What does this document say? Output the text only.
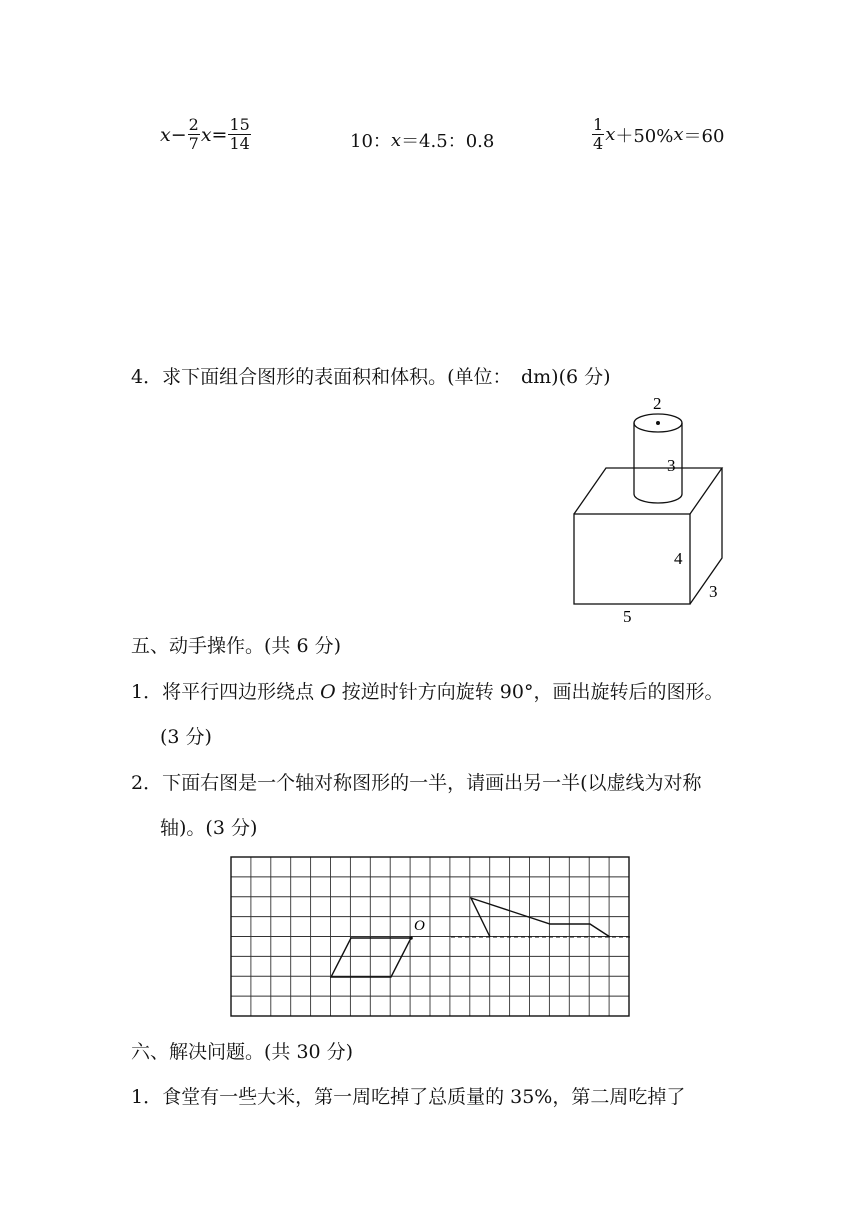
$x - \frac{2}{7}$ $x = \frac{15}{14}$	10： x ＝4.5：0.8	$\frac{1}{4}$ x ＋50% x ＝60
4．求下面组合图形的表面积和体积。(单位：　dm)(6 分)
2
3
4
3
5
五、动手操作。(共 6 分)
1．将平行四边形绕点 O 按逆时针方向旋转 90°，画出旋转后的图形。
(3 分)
2．下面右图是一个轴对称图形的一半，请画出另一半(以虚线为对称
轴)。(3 分)
O
六、解决问题。(共 30 分)
1．食堂有一些大米，第一周吃掉了总质量的 35%，第二周吃掉了
